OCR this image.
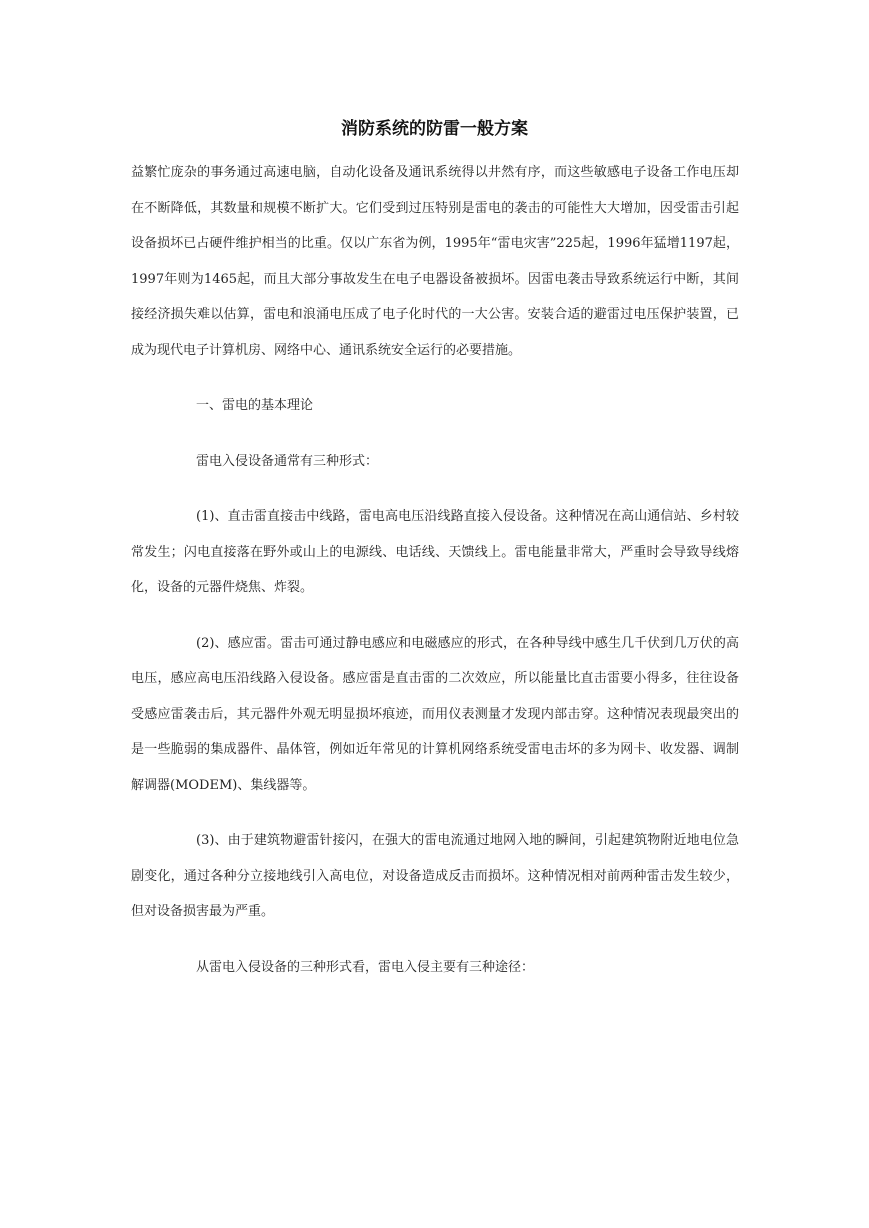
消防系统的防雷一般方案

益繁忙庞杂的事务通过高速电脑，自动化设备及通讯系统得以井然有序，而这些敏感电子设备工作电压却在不断降低，其数量和规模不断扩大。它们受到过压特别是雷电的袭击的可能性大大增加，因受雷击引起设备损坏已占硬件维护相当的比重。仅以广东省为例，1995年“雷电灾害”225起，1996年猛增1197起，1997年则为1465起，而且大部分事故发生在电子电器设备被损坏。因雷电袭击导致系统运行中断，其间接经济损失难以估算，雷电和浪涌电压成了电子化时代的一大公害。安装合适的避雷过电压保护装置，已成为现代电子计算机房、网络中心、通讯系统安全运行的必要措施。

一、雷电的基本理论

雷电入侵设备通常有三种形式：

(1)、直击雷直接击中线路，雷电高电压沿线路直接入侵设备。这种情况在高山通信站、乡村较常发生；闪电直接落在野外或山上的电源线、电话线、天馈线上。雷电能量非常大，严重时会导致导线熔化，设备的元器件烧焦、炸裂。

(2)、感应雷。雷击可通过静电感应和电磁感应的形式，在各种导线中感生几千伏到几万伏的高电压，感应高电压沿线路入侵设备。感应雷是直击雷的二次效应，所以能量比直击雷要小得多，往往设备受感应雷袭击后，其元器件外观无明显损坏痕迹，而用仪表测量才发现内部击穿。这种情况表现最突出的是一些脆弱的集成器件、晶体管，例如近年常见的计算机网络系统受雷电击坏的多为网卡、收发器、调制解调器(MODEM)、集线器等。

(3)、由于建筑物避雷针接闪，在强大的雷电流通过地网入地的瞬间，引起建筑物附近地电位急剧变化，通过各种分立接地线引入高电位，对设备造成反击而损坏。这种情况相对前两种雷击发生较少，但对设备损害最为严重。

从雷电入侵设备的三种形式看，雷电入侵主要有三种途径：
